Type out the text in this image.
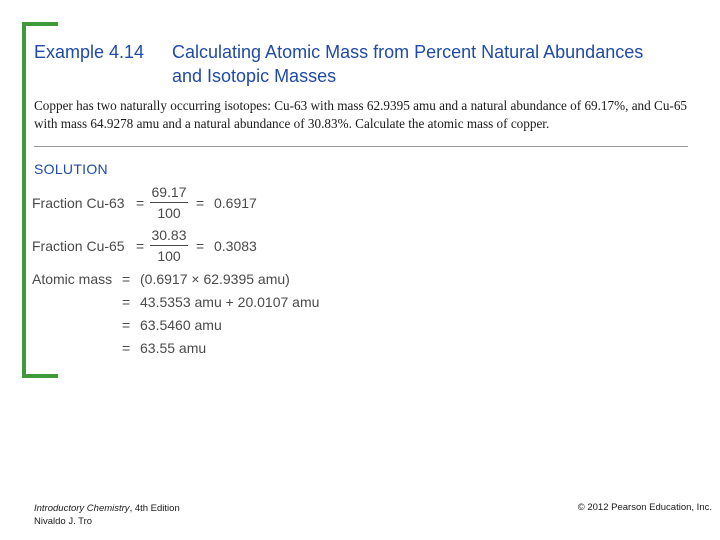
Example 4.14 Calculating Atomic Mass from Percent Natural Abundances
and Isotopic Masses
Copper has two naturally occurring isotopes: Cu-63 with mass 62.9395 amu and a natural abundance of 69.17%, and Cu-65 with mass 64.9278 amu and a natural abundance of 30.83%. Calculate the atomic mass of copper.
SOLUTION
Fraction Cu-63 =
69.17
100
= 0.6917
Fraction Cu-65 =
30.83
100
= 0.3083
Atomic mass = (0.6917 × 62.9395 amu)
= 43.5353 amu + 20.0107 amu
= 63.5460 amu
= 63.55 amu
Introductory Chemistry, 4th Edition
Nivaldo J. Tro
© 2012 Pearson Education, Inc.
